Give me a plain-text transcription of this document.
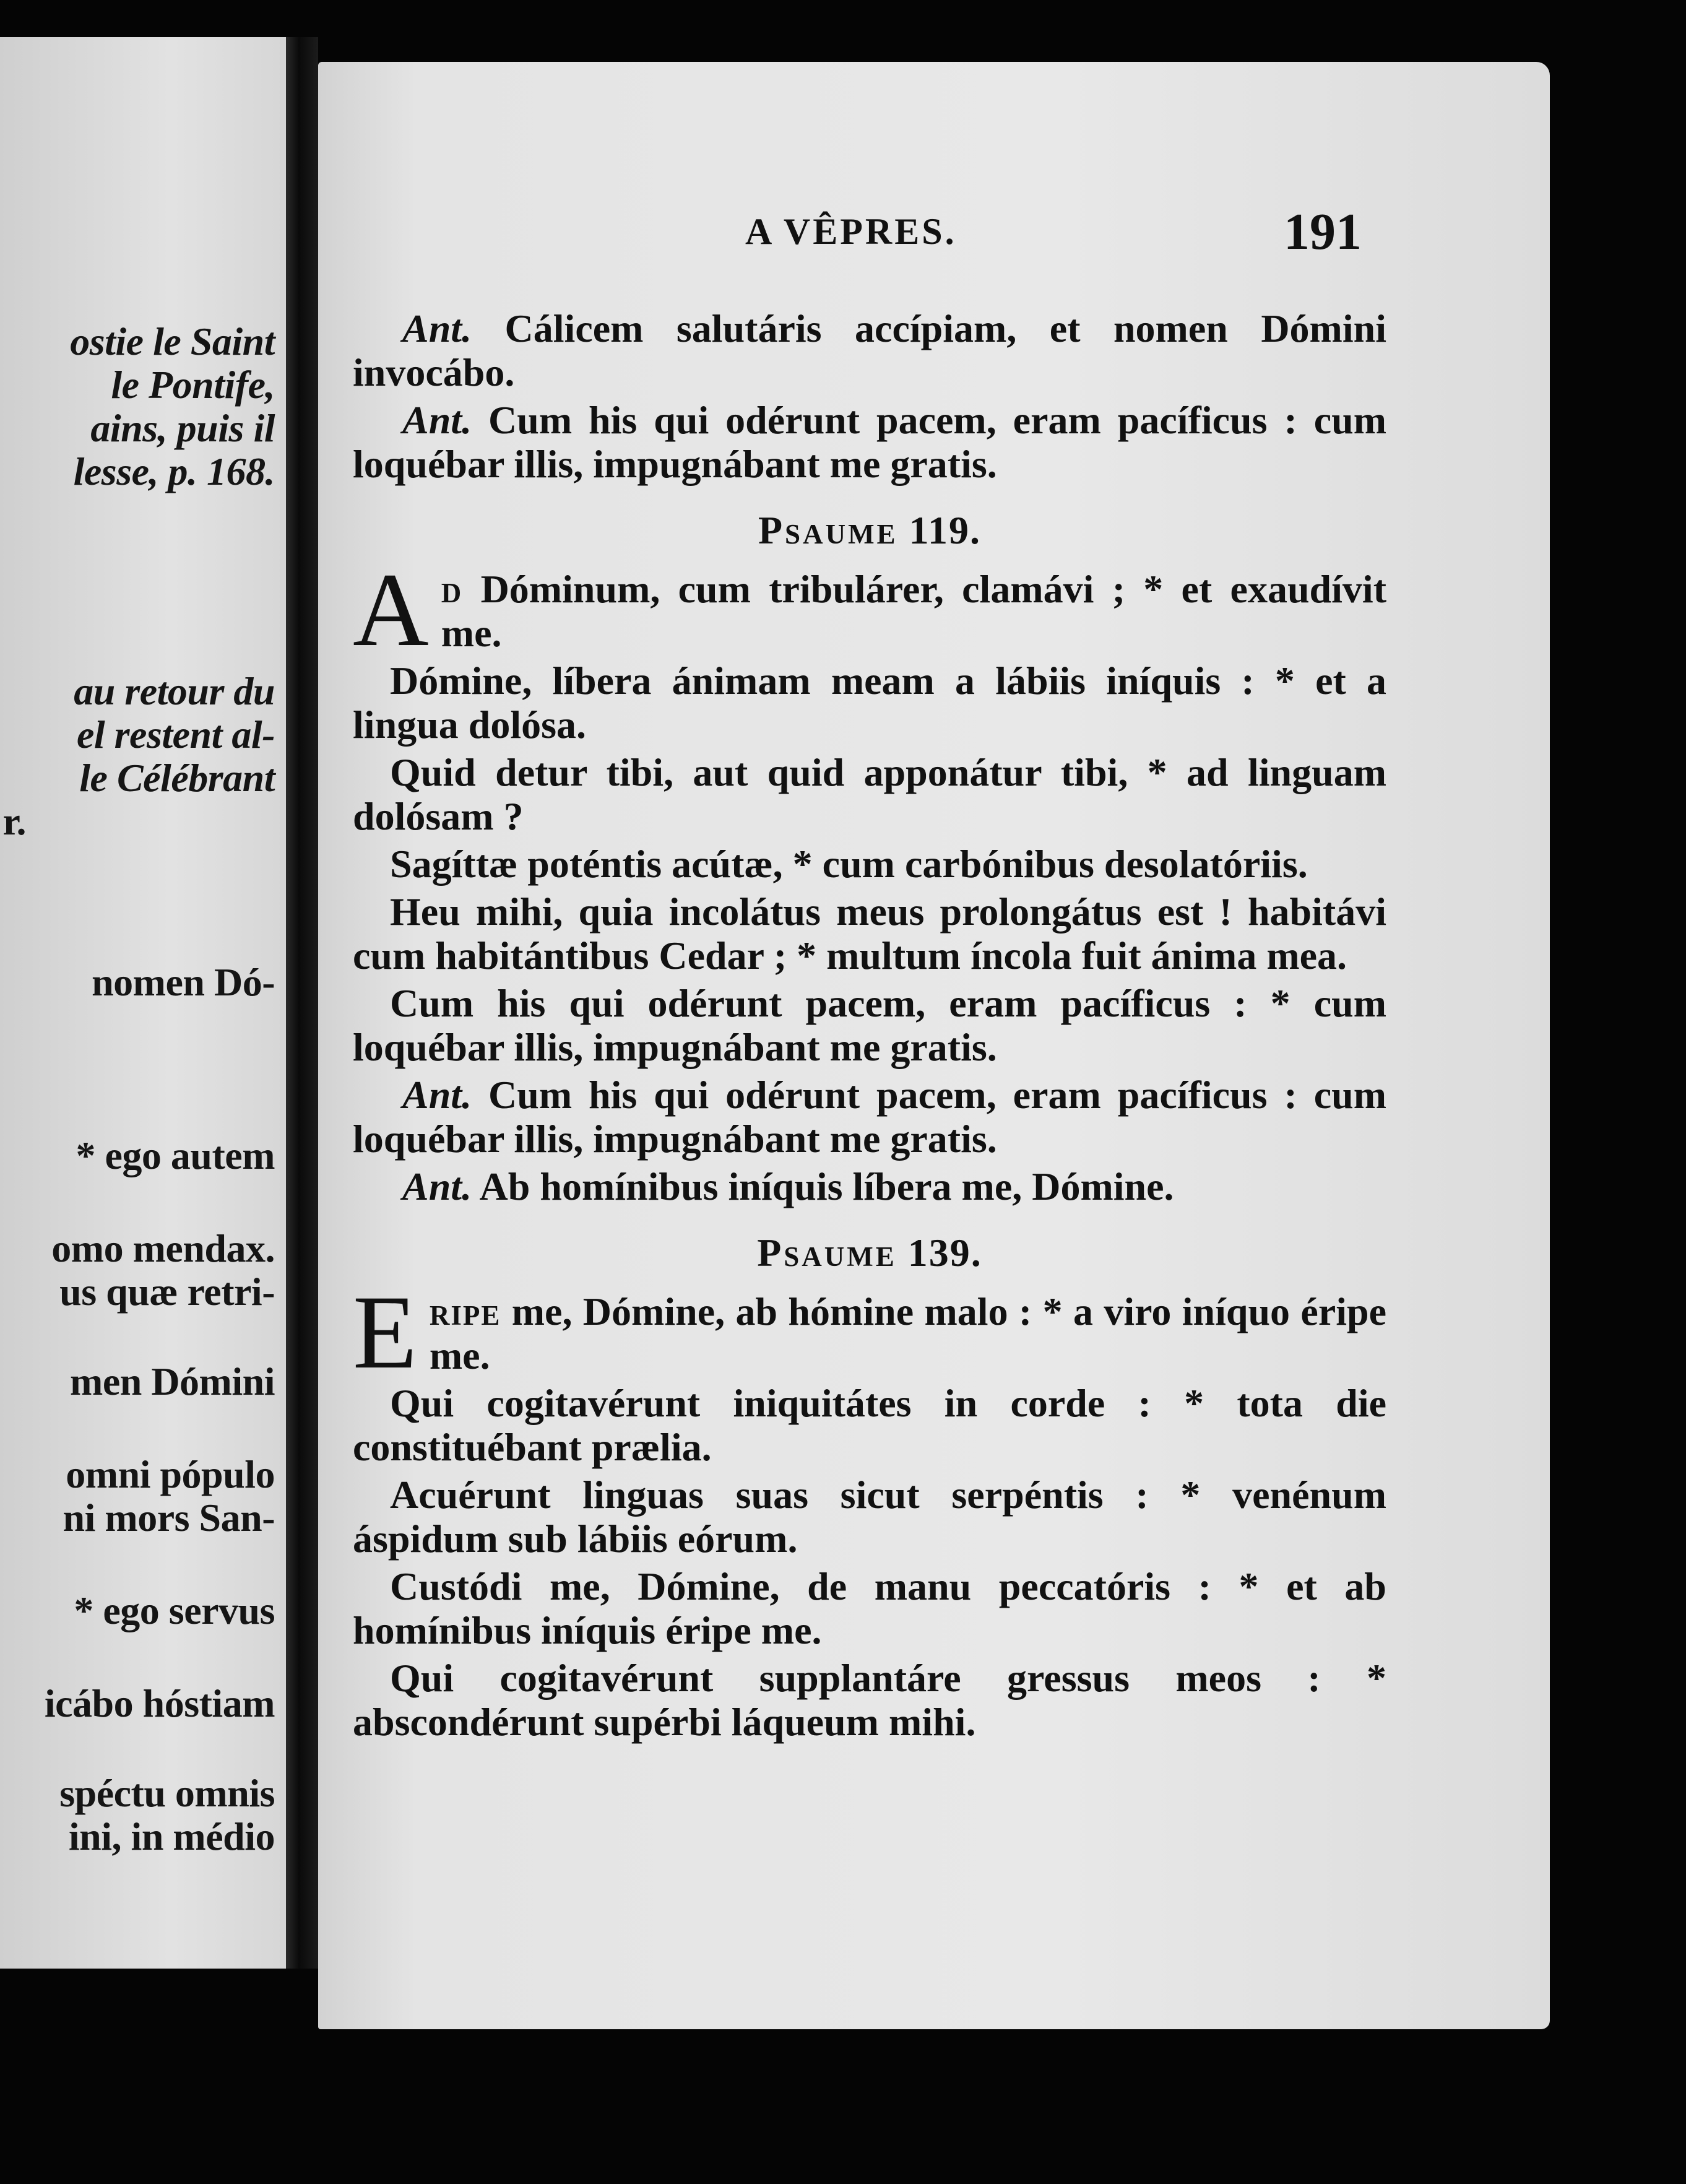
ostie le Saint
le Pontife,
ains, puis il
lesse, p. 168.
au retour du
el restent al-
le Célébrant
r.
nomen Dó-
* ego autem
omo mendax.
us quæ retri-
men Dómini
omni pópulo
ni mors San-
* ego servus
icábo hóstiam
spéctu omnis
ini, in médio
A VÊPRES.	191

Ant. Cálicem salutáris accípiam, et nomen Dómini invocábo.

Ant. Cum his qui odérunt pacem, eram pacíficus : cum loquébar illis, impugnábant me gratis.

Psaume 119.

Ad Dóminum, cum tribulárer, clamávi ; * et exaudívit me.

Dómine, líbera ánimam meam a lábiis iníquis : * et a lingua dolósa.

Quid detur tibi, aut quid apponátur tibi, * ad linguam dolósam ?

Sagíttæ poténtis acútæ, * cum carbónibus desolatóriis.

Heu mihi, quia incolátus meus prolongátus est ! habitávi cum habitántibus Cedar ; * multum íncola fuit ánima mea.

Cum his qui odérunt pacem, eram pacíficus : * cum loquébar illis, impugnábant me gratis.

Ant. Cum his qui odérunt pacem, eram pacíficus : cum loquébar illis, impugnábant me gratis.

Ant. Ab homínibus iníquis líbera me, Dómine.

Psaume 139.

Eripe me, Dómine, ab hómine malo : * a viro iníquo éripe me.

Qui cogitavérunt iniquitátes in corde : * tota die constituébant prælia.

Acuérunt linguas suas sicut serpéntis : * venénum áspidum sub lábiis eórum.

Custódi me, Dómine, de manu peccatóris : * et ab homínibus iníquis éripe me.

Qui cogitavérunt supplantáre gressus meos : * abscondérunt supérbi láqueum mihi.
